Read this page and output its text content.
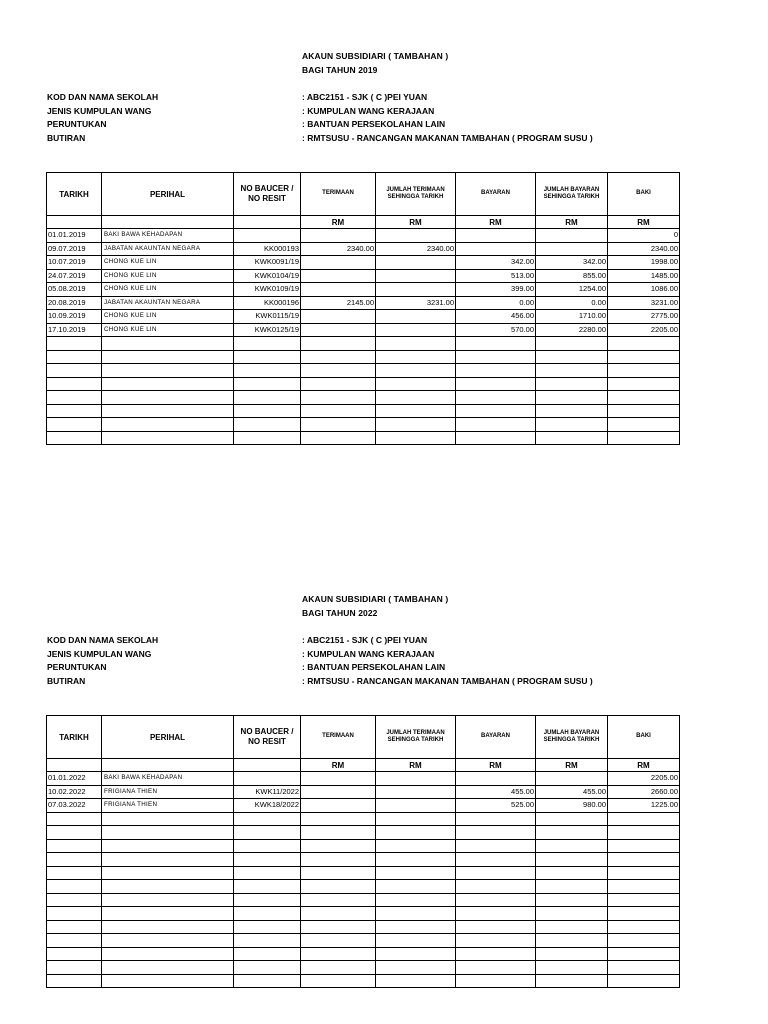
AKAUN SUBSIDIARI ( TAMBAHAN )
BAGI TAHUN 2019
KOD DAN NAMA SEKOLAH	: ABC2151 - SJK ( C )PEI YUAN
JENIS KUMPULAN WANG	: KUMPULAN WANG KERAJAAN
PERUNTUKAN	: BANTUAN PERSEKOLAHAN LAIN
BUTIRAN	: RMTSUSU - RANCANGAN MAKANAN TAMBAHAN ( PROGRAM SUSU )
TARIKH	PERIHAL	NO BAUCER / NO RESIT	TERIMAAN	JUMLAH TERIMAAN SEHINGGA TARIKH	BAYARAN	JUMLAH BAYARAN SEHINGGA TARIKH	BAKI
			RM	RM	RM	RM	RM
01.01.2019	BAKI BAWA KEHADAPAN						0
09.07.2019	JABATAN AKAUNTAN NEGARA	KK000193	2340.00	2340.00			2340.00
10.07.2019	CHONG KUE LIN	KWK0091/19			342.00	342.00	1998.00
24.07.2019	CHONG KUE LIN	KWK0104/19			513.00	855.00	1485.00
05.08.2019	CHONG KUE LIN	KWK0109/19			399.00	1254.00	1086.00
20.08.2019	JABATAN AKAUNTAN NEGARA	KK000196	2145.00	3231.00	0.00	0.00	3231.00
10.09.2019	CHONG KUE LIN	KWK0115/19			456.00	1710.00	2775.00
17.10.2019	CHONG KUE LIN	KWK0125/19			570.00	2280.00	2205.00

AKAUN SUBSIDIARI ( TAMBAHAN )
BAGI TAHUN 2022
KOD DAN NAMA SEKOLAH	: ABC2151 - SJK ( C )PEI YUAN
JENIS KUMPULAN WANG	: KUMPULAN WANG KERAJAAN
PERUNTUKAN	: BANTUAN PERSEKOLAHAN LAIN
BUTIRAN	: RMTSUSU - RANCANGAN MAKANAN TAMBAHAN ( PROGRAM SUSU )
TARIKH	PERIHAL	NO BAUCER / NO RESIT	TERIMAAN	JUMLAH TERIMAAN SEHINGGA TARIKH	BAYARAN	JUMLAH BAYARAN SEHINGGA TARIKH	BAKI
			RM	RM	RM	RM	RM
01.01.2022	BAKI BAWA KEHADAPAN						2205.00
10.02.2022	FRIGIANA THIEN	KWK11/2022			455.00	455.00	2660.00
07.03.2022	FRIGIANA THIEN	KWK18/2022			525.00	980.00	1225.00
